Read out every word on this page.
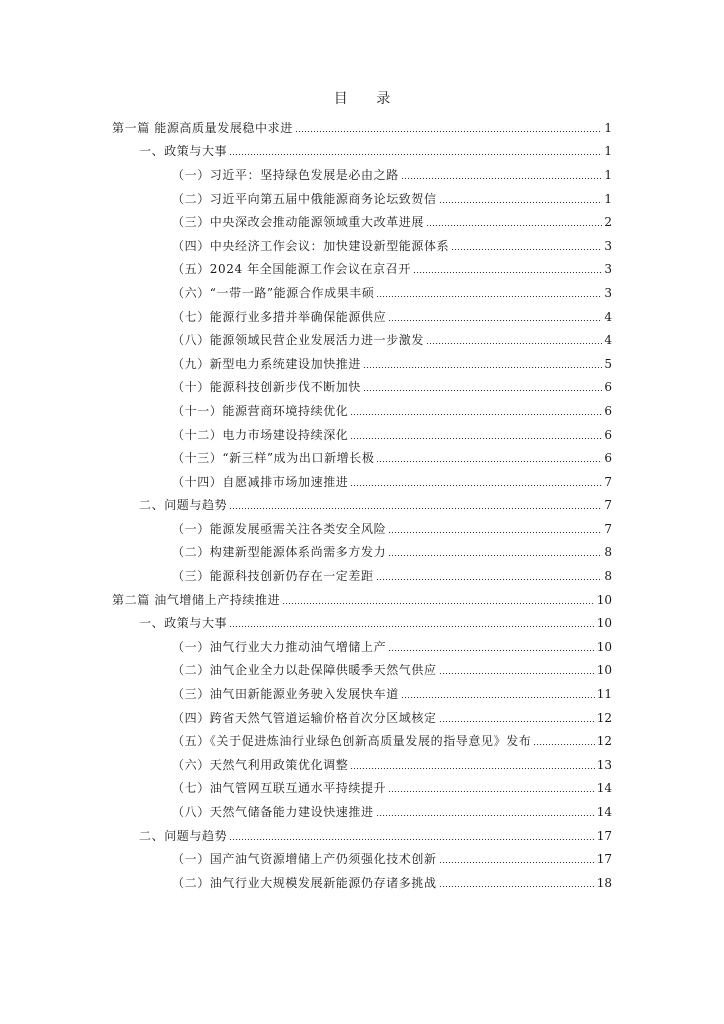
目 录
第一篇 能源高质量发展稳中求进	1
一、政策与大事	1
（一）习近平：坚持绿色发展是必由之路	1
（二）习近平向第五届中俄能源商务论坛致贺信	1
（三）中央深改会推动能源领域重大改革进展	2
（四）中央经济工作会议：加快建设新型能源体系	3
（五）2024 年全国能源工作会议在京召开	3
（六）“一带一路”能源合作成果丰硕	3
（七）能源行业多措并举确保能源供应	4
（八）能源领域民营企业发展活力进一步激发	4
（九）新型电力系统建设加快推进	5
（十）能源科技创新步伐不断加快	6
（十一）能源营商环境持续优化	6
（十二）电力市场建设持续深化	6
（十三）“新三样”成为出口新增长极	6
（十四）自愿减排市场加速推进	7
二、问题与趋势	7
（一）能源发展亟需关注各类安全风险	7
（二）构建新型能源体系尚需多方发力	8
（三）能源科技创新仍存在一定差距	8
第二篇 油气增储上产持续推进	10
一、政策与大事	10
（一）油气行业大力推动油气增储上产	10
（二）油气企业全力以赴保障供暖季天然气供应	10
（三）油气田新能源业务驶入发展快车道	11
（四）跨省天然气管道运输价格首次分区域核定	12
（五）《关于促进炼油行业绿色创新高质量发展的指导意见》发布	12
（六）天然气利用政策优化调整	13
（七）油气管网互联互通水平持续提升	14
（八）天然气储备能力建设快速推进	14
二、问题与趋势	17
（一）国产油气资源增储上产仍须强化技术创新	17
（二）油气行业大规模发展新能源仍存诸多挑战	18
